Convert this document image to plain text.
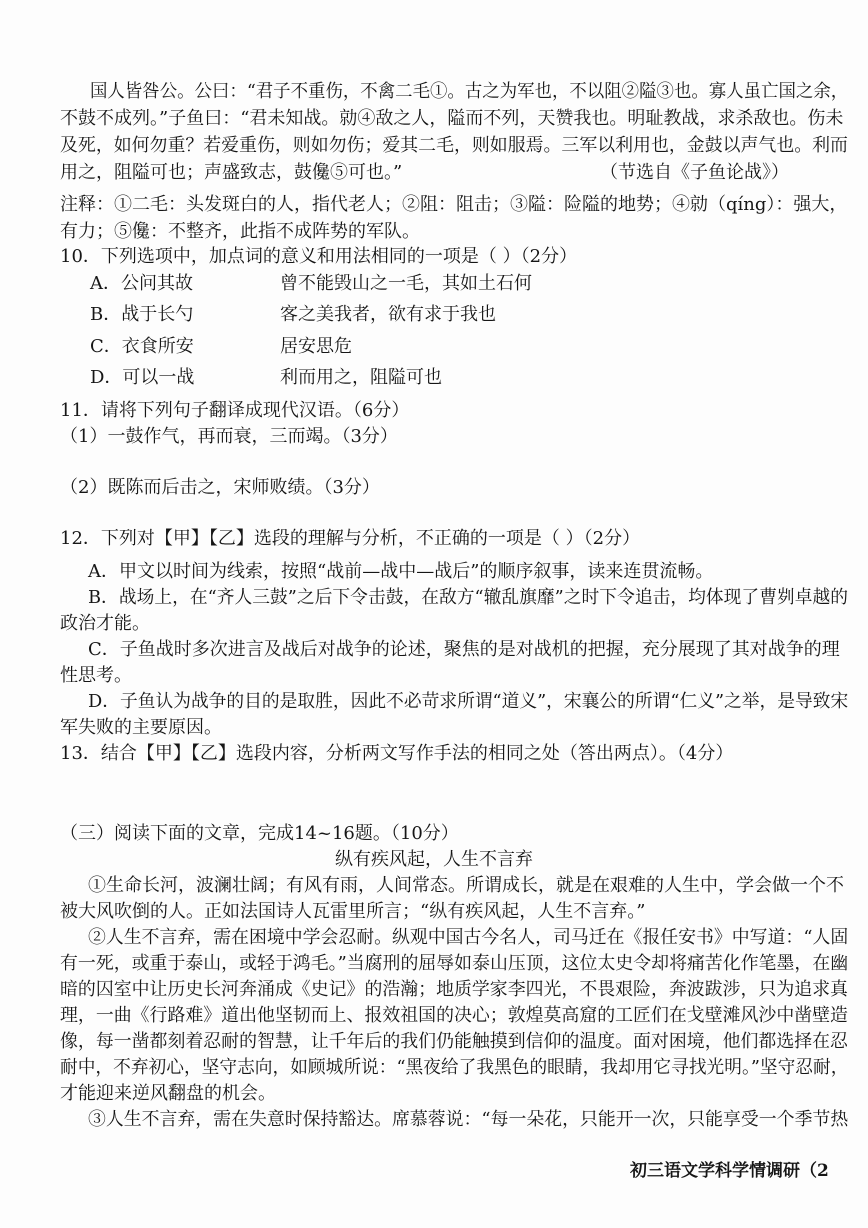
国人皆咎公。公曰：“君子不重伤，不禽二毛①。古之为军也，不以阻②隘③也。寡人虽亡国之余，
不鼓不成列。”子鱼曰：“君未知战。勍④敌之人，隘而不列，天赞我也。明耻教战，求杀敌也。伤未
及死，如何勿重？若爱重伤，则如勿伤；爱其二毛，则如服焉。三军以利用也，金鼓以声气也。利而
用之，阻隘可也；声盛致志，鼓儳⑤可也。”	（节选自《子鱼论战》）
注释：①二毛：头发斑白的人，指代老人；②阻：阻击；③隘：险隘的地势；④勍（qíng）：强大，
有力；⑤儳：不整齐，此指不成阵势的军队。
10．下列选项中，加点词的意义和用法相同的一项是（ ）（2分）
A．公问其故	曾不能毁山之一毛，其如土石何
B．战于长勺	客之美我者，欲有求于我也
C．衣食所安	居安思危
D．可以一战	利而用之，阻隘可也
11．请将下列句子翻译成现代汉语。（6分）
（1）一鼓作气，再而衰，三而竭。（3分）
（2）既陈而后击之，宋师败绩。（3分）
12．下列对【甲】【乙】选段的理解与分析，不正确的一项是（ ）（2分）
A．甲文以时间为线索，按照“战前—战中—战后”的顺序叙事，读来连贯流畅。
B．战场上，在“齐人三鼓”之后下令击鼓，在敌方“辙乱旗靡”之时下令追击，均体现了曹刿卓越的
政治才能。
C．子鱼战时多次进言及战后对战争的论述，聚焦的是对战机的把握，充分展现了其对战争的理
性思考。
D．子鱼认为战争的目的是取胜，因此不必苛求所谓“道义”，宋襄公的所谓“仁义”之举，是导致宋
军失败的主要原因。
13．结合【甲】【乙】选段内容，分析两文写作手法的相同之处（答出两点）。（4分）
（三）阅读下面的文章，完成14~16题。（10分）
纵有疾风起，人生不言弃
①生命长河，波澜壮阔；有风有雨，人间常态。所谓成长，就是在艰难的人生中，学会做一个不
被大风吹倒的人。正如法国诗人瓦雷里所言；“纵有疾风起，人生不言弃。”
②人生不言弃，需在困境中学会忍耐。纵观中国古今名人，司马迁在《报任安书》中写道：“人固
有一死，或重于泰山，或轻于鸿毛。”当腐刑的屈辱如泰山压顶，这位太史令却将痛苦化作笔墨，在幽
暗的囚室中让历史长河奔涌成《史记》的浩瀚；地质学家李四光，不畏艰险，奔波跋涉，只为追求真
理，一曲《行路难》道出他坚韧而上、报效祖国的决心；敦煌莫高窟的工匠们在戈壁滩风沙中凿壁造
像，每一凿都刻着忍耐的智慧，让千年后的我们仍能触摸到信仰的温度。面对困境，他们都选择在忍
耐中，不弃初心，坚守志向，如顾城所说：“黑夜给了我黑色的眼睛，我却用它寻找光明。”坚守忍耐，
才能迎来逆风翻盘的机会。
③人生不言弃，需在失意时保持豁达。席慕蓉说：“每一朵花，只能开一次，只能享受一个季节热
初三语文学科学情调研（2
